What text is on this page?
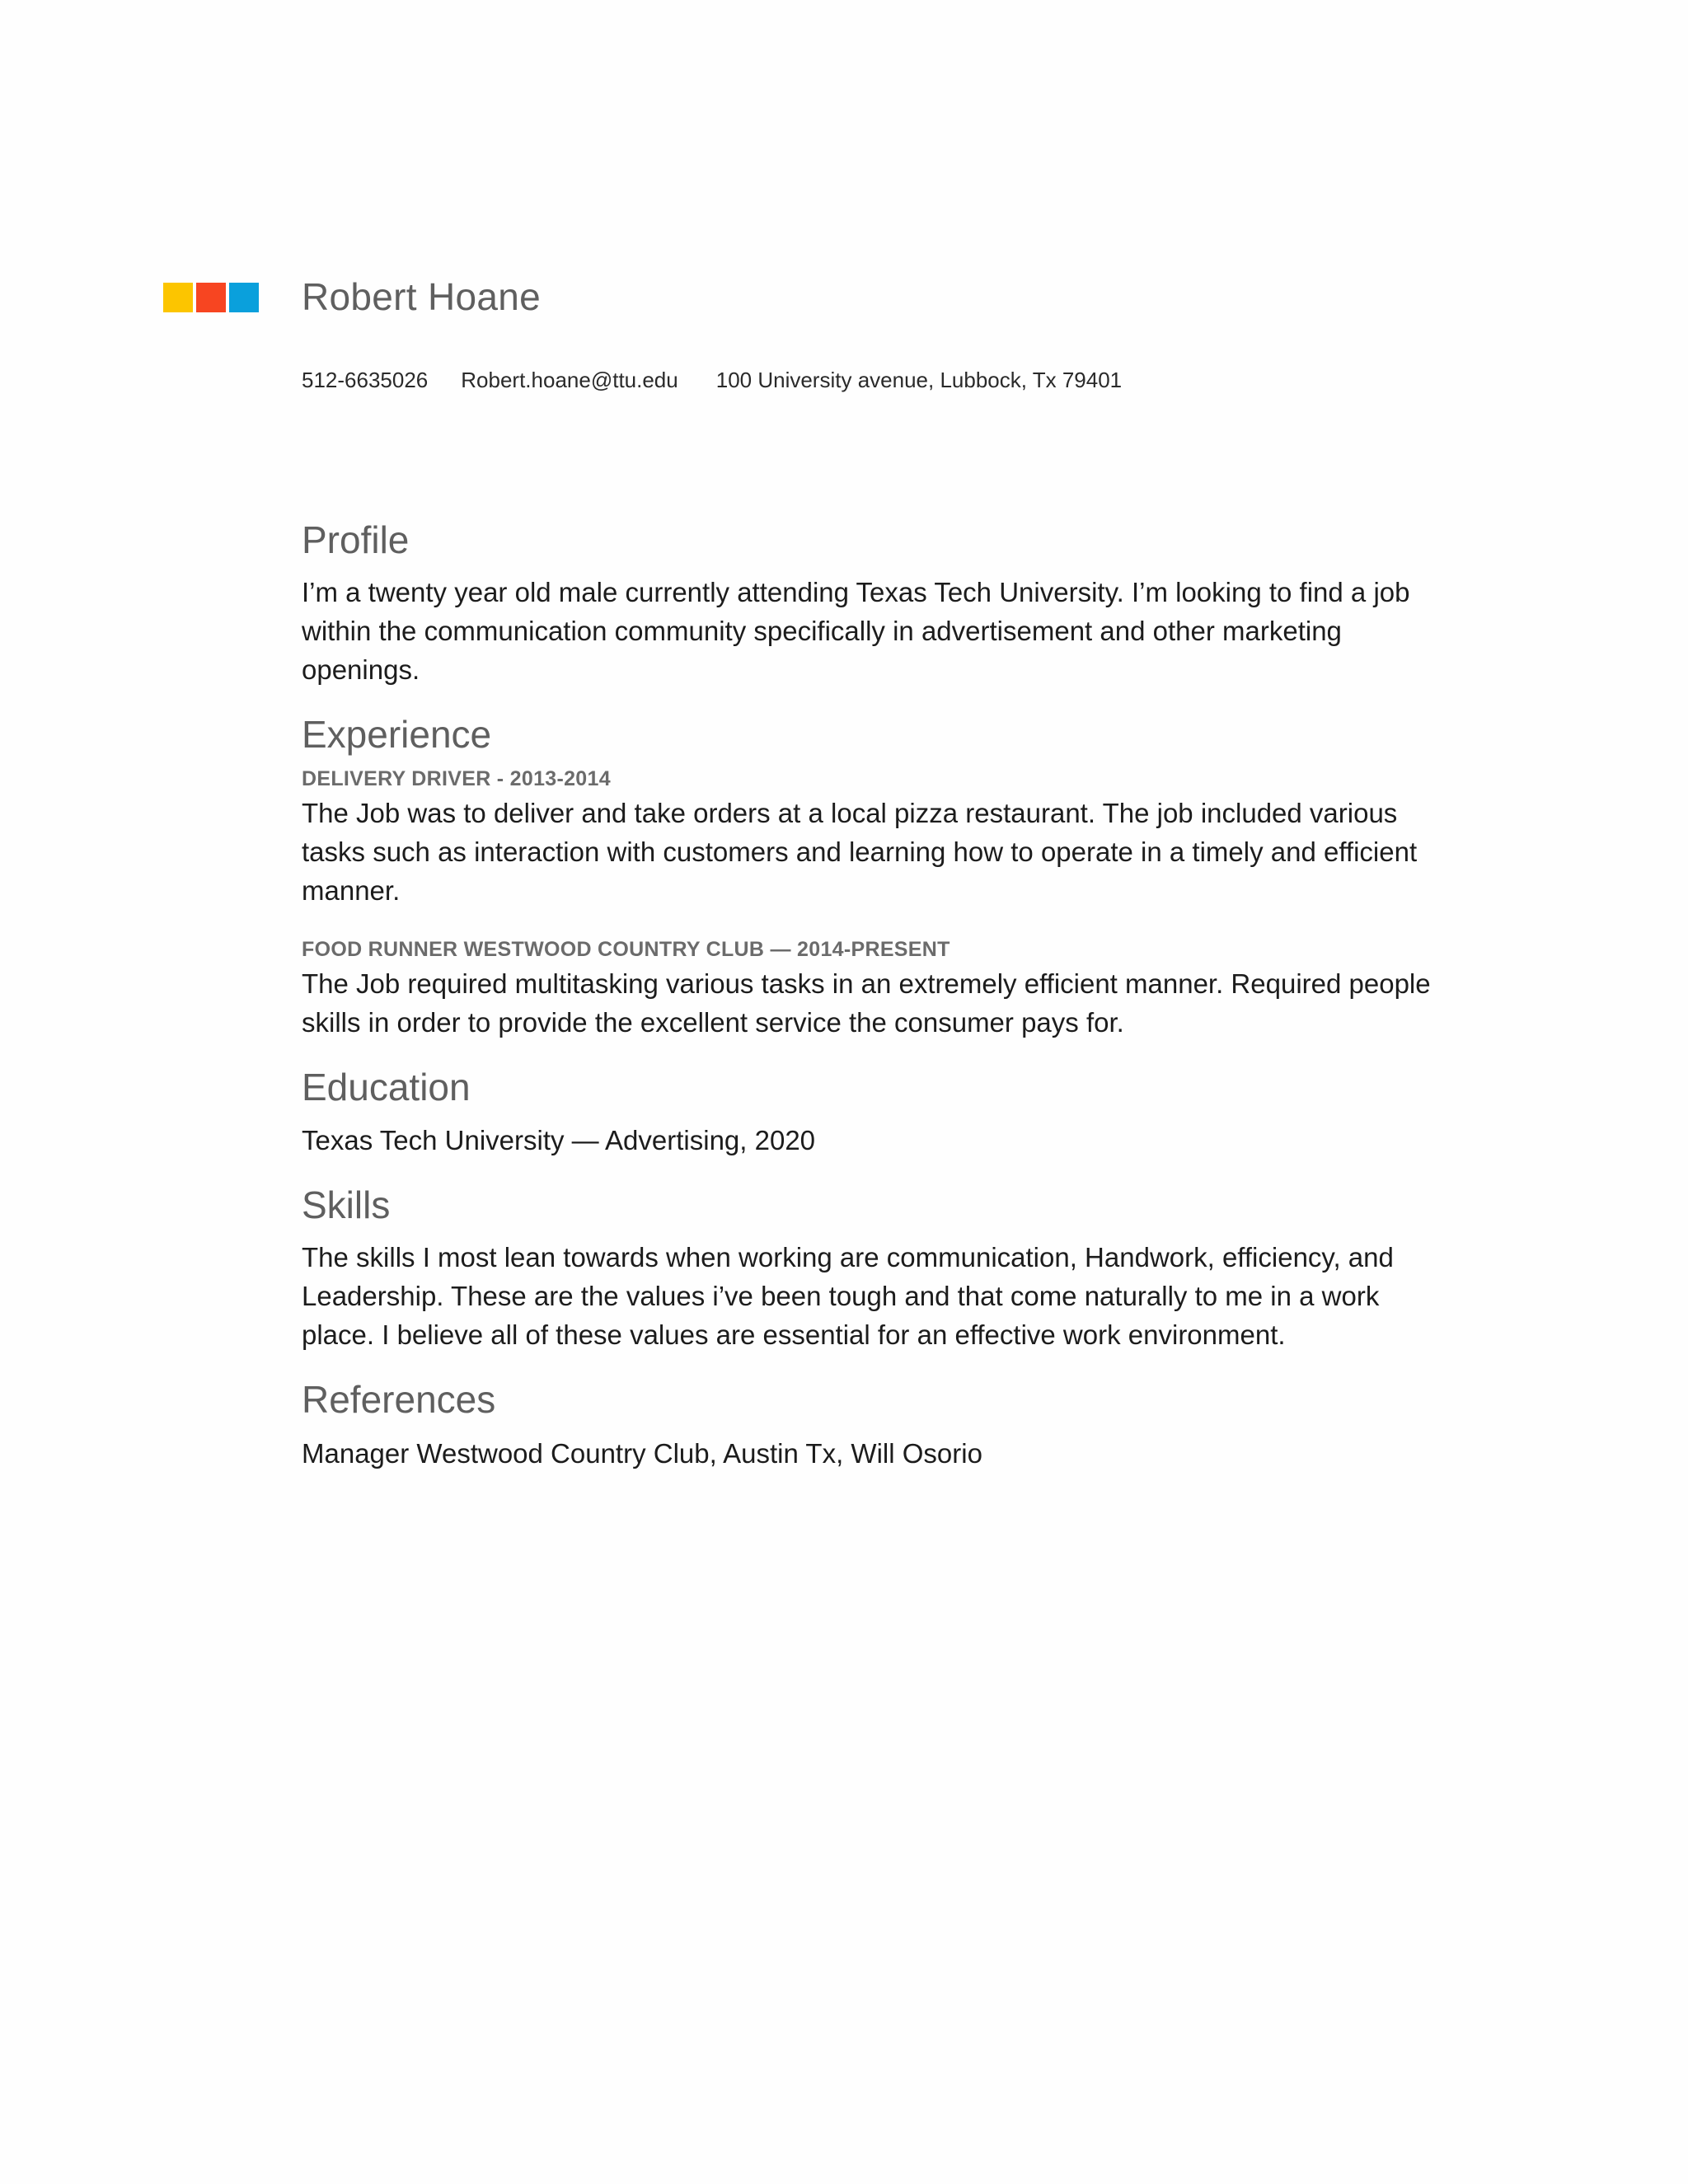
Robert Hoane
512-6635026 Robert.hoane@ttu.edu 100 University avenue, Lubbock, Tx 79401
Profile

I’m a twenty year old male currently attending Texas Tech University. I’m looking to find a job within the communication community specifically in advertisement and other marketing openings.

Experience
DELIVERY DRIVER - 2013-2014

The Job was to deliver and take orders at a local pizza restaurant. The job included various tasks such as interaction with customers and learning how to operate in a timely and efficient manner.

FOOD RUNNER WESTWOOD COUNTRY CLUB — 2014-PRESENT

The Job required multitasking various tasks in an extremely efficient manner. Required people skills in order to provide the excellent service the consumer pays for.

Education

Texas Tech University — Advertising, 2020

Skills

The skills I most lean towards when working are communication, Handwork, efficiency, and Leadership. These are the values i’ve been tough and that come naturally to me in a work place. I believe all of these values are essential for an effective work environment.

References

Manager Westwood Country Club, Austin Tx, Will Osorio
